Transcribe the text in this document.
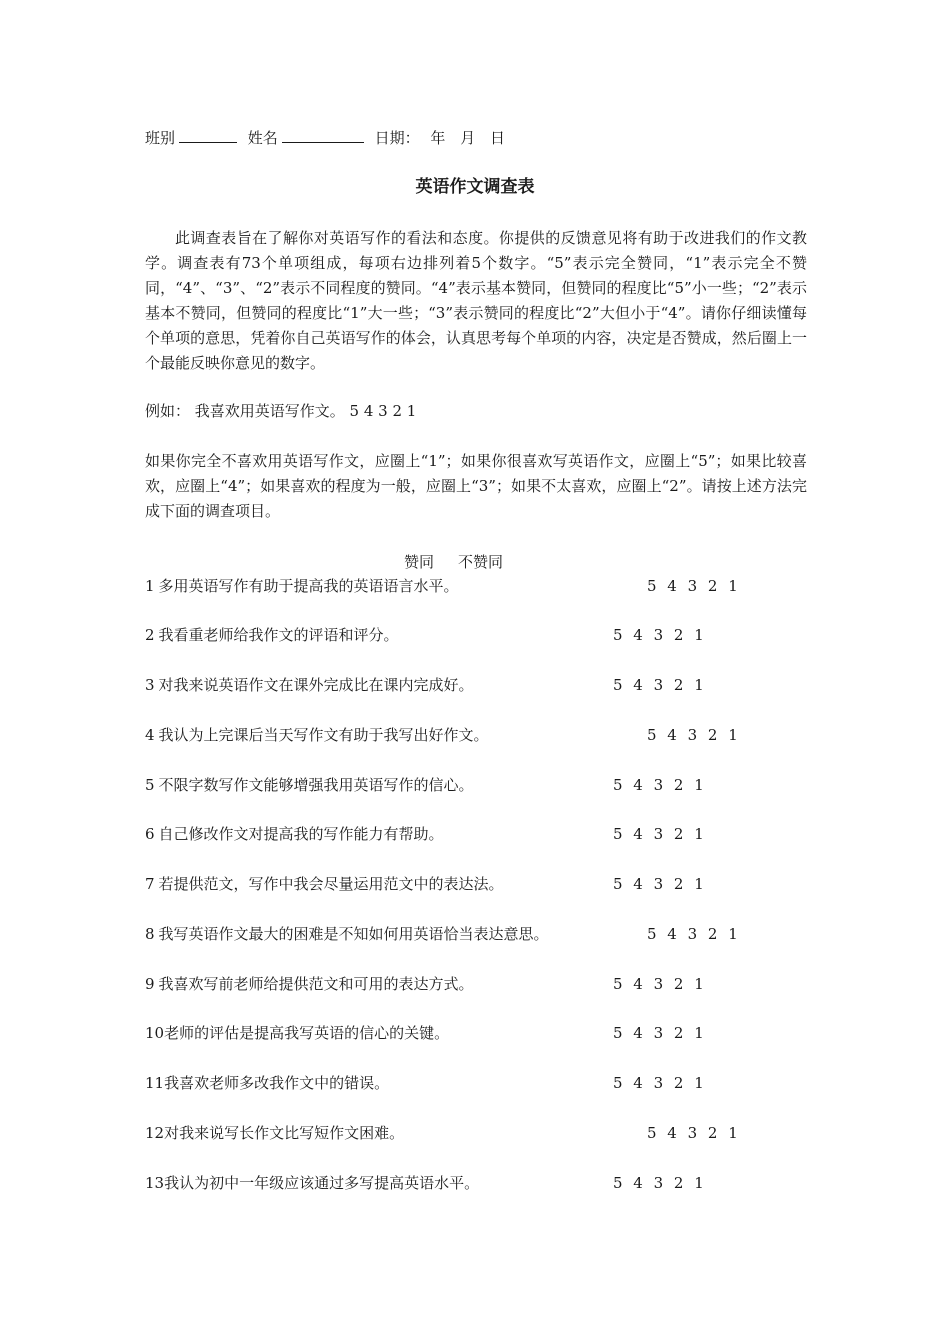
班别	姓名	日期： 年 月 日
英语作文调查表
此调查表旨在了解你对英语写作的看法和态度。你提供的反馈意见将有助于改进我们的作文教学。调查表有73个单项组成，每项右边排列着5个数字。“5”表示完全赞同，“1”表示完全不赞同，“4”、“3”、“2”表示不同程度的赞同。“4”表示基本赞同，但赞同的程度比“5”小一些；“2”表示基本不赞同，但赞同的程度比“1”大一些；“3”表示赞同的程度比“2”大但小于“4”。请你仔细读懂每个单项的意思，凭着你自己英语写作的体会，认真思考每个单项的内容，决定是否赞成，然后圈上一个最能反映你意见的数字。
例如： 我喜欢用英语写作文。 5 4 3 2 1
如果你完全不喜欢用英语写作文，应圈上“1”；如果你很喜欢写英语作文，应圈上“5”；如果比较喜欢，应圈上“4”；如果喜欢的程度为一般，应圈上“3”；如果不太喜欢，应圈上“2”。请按上述方法完成下面的调查项目。
赞同 不赞同
1 多用英语写作有助于提高我的英语语言水平。	5 4 3 2 1
2 我看重老师给我作文的评语和评分。	5 4 3 2 1
3 对我来说英语作文在课外完成比在课内完成好。	5 4 3 2 1
4 我认为上完课后当天写作文有助于我写出好作文。	5 4 3 2 1
5 不限字数写作文能够增强我用英语写作的信心。	5 4 3 2 1
6 自己修改作文对提高我的写作能力有帮助。	5 4 3 2 1
7 若提供范文，写作中我会尽量运用范文中的表达法。	5 4 3 2 1
8 我写英语作文最大的困难是不知如何用英语恰当表达意思。	5 4 3 2 1
9 我喜欢写前老师给提供范文和可用的表达方式。	5 4 3 2 1
10老师的评估是提高我写英语的信心的关键。	5 4 3 2 1
11我喜欢老师多改我作文中的错误。	5 4 3 2 1
12对我来说写长作文比写短作文困难。	5 4 3 2 1
13我认为初中一年级应该通过多写提高英语水平。	5 4 3 2 1
